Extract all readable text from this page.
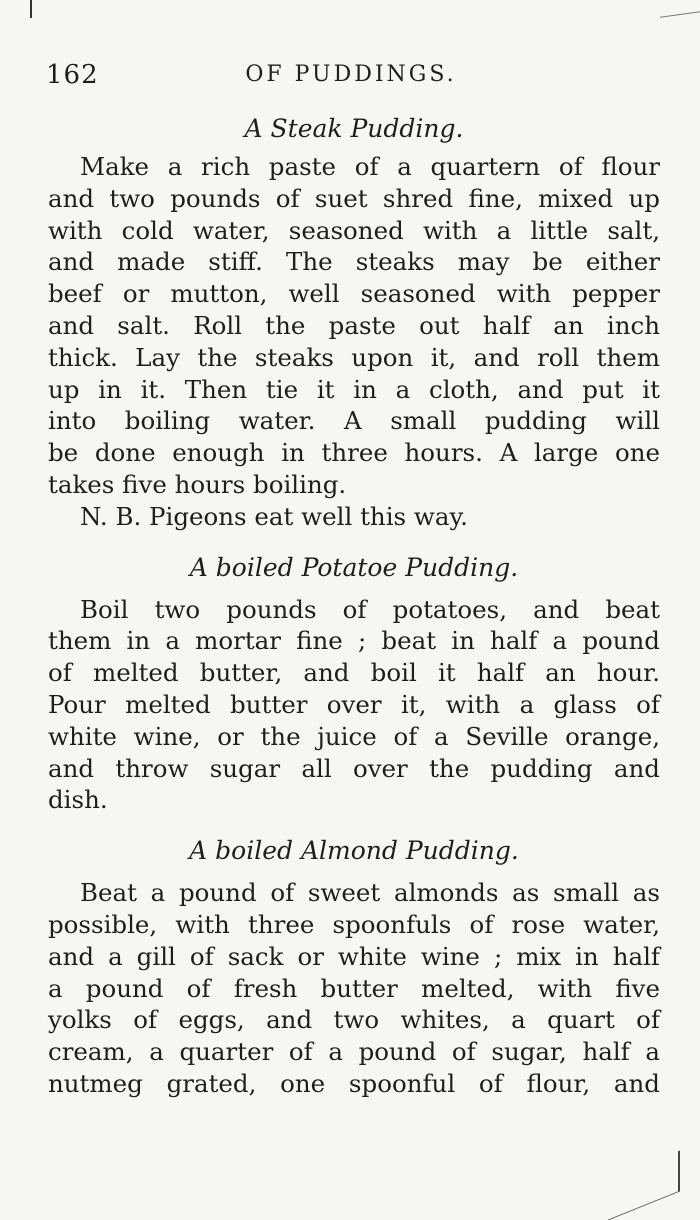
162	OF PUDDINGS.
A Steak Pudding.
Make a rich paste of a quartern of flour
and two pounds of suet shred fine, mixed up
with cold water, seasoned with a little salt,
and made stiff. The steaks may be either
beef or mutton, well seasoned with pepper
and salt. Roll the paste out half an inch
thick. Lay the steaks upon it, and roll them
up in it. Then tie it in a cloth, and put it
into boiling water. A small pudding will
be done enough in three hours. A large one
takes five hours boiling.
N. B. Pigeons eat well this way.
A boiled Potatoe Pudding.
Boil two pounds of potatoes, and beat
them in a mortar fine ; beat in half a pound
of melted butter, and boil it half an hour.
Pour melted butter over it, with a glass of
white wine, or the juice of a Seville orange,
and throw sugar all over the pudding and
dish.
A boiled Almond Pudding.
Beat a pound of sweet almonds as small as
possible, with three spoonfuls of rose water,
and a gill of sack or white wine ; mix in half
a pound of fresh butter melted, with five
yolks of eggs, and two whites, a quart of
cream, a quarter of a pound of sugar, half a
nutmeg grated, one spoonful of flour, and
